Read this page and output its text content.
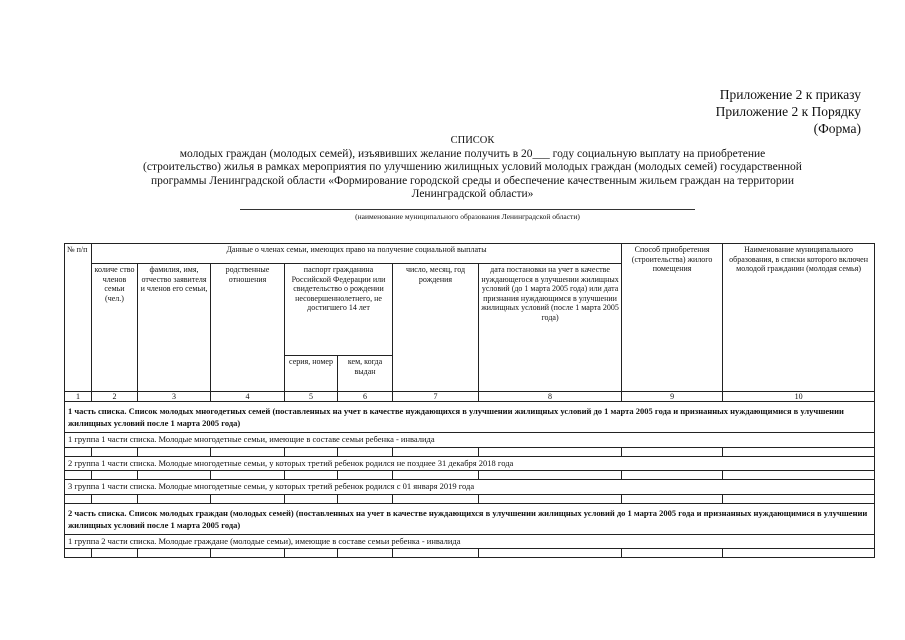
Приложение 2 к приказу
Приложение 2 к Порядку
(Форма)
СПИСОК
молодых граждан (молодых семей), изъявивших желание получить в 20___ году социальную выплату на приобретение
(строительство) жилья в рамках мероприятия по улучшению жилищных условий молодых граждан (молодых семей) государственной
программы Ленинградской области «Формирование городской среды и обеспечение качественным жильем граждан на территории
Ленинградской области»
(наименование муниципального образования Ленинградской области)
№ п/п	Данные о членах семьи, имеющих право на получение социальной выплаты							Способ приобретения (строительства) жилого помещения	Наименование муниципального образования, в списки которого включен молодой гражданин (молодая семья)
	количе ство членов семьи (чел.)	фамилия, имя, отчество заявителя и членов его семьи,	родственные отношения	паспорт гражданина Российской Федерации или свидетельство о рождении несовершеннолетнего, не достигшего 14 лет		число, месяц, год рождения	дата постановки на учет в качестве нуждающегося в улучшении жилищных условий (до 1 марта 2005 года) или дата признания нуждающимся в улучшении жилищных условий (после 1 марта 2005 года)		
				серия, номер	кем, когда выдан				
1	2	3	4	5	6	7	8	9	10
1 часть списка. Список молодых многодетных семей (поставленных на учет в качестве нуждающихся в улучшении жилищных условий до 1 марта 2005 года и признанных нуждающимися в улучшении жилищных условий после 1 марта 2005 года)									
1 группа 1 части списка. Молодые многодетные семьи, имеющие в составе семьи ребенка - инвалида									

2 группа 1 части списка. Молодые многодетные семьи, у которых третий ребенок родился не позднее 31 декабря 2018 года									

3 группа 1 части списка. Молодые многодетные семьи, у которых третий ребенок родился с 01 января 2019 года									

2 часть списка. Список молодых граждан (молодых семей) (поставленных на учет в качестве нуждающихся в улучшении жилищных условий до 1 марта 2005 года и признанных нуждающимися в улучшении жилищных условий после 1 марта 2005 года)									
1 группа 2 части списка. Молодые граждане (молодые семьи), имеющие в составе семьи ребенка - инвалида									
